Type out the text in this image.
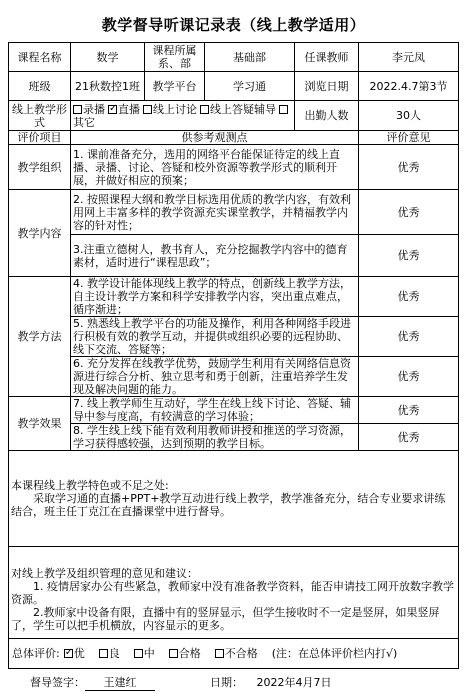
教学督导听课记录表（线上教学适用）
课程名称	数学	课程所属系、部	基础部	任课教师	李元凤
班级	21秋数控1班	教学平台	学习通	浏览日期	2022.4.7第3节
线上教学形式	录播 ✓ 直播 线上讨论 线上答疑辅导其它			出勤人数	30人
评价项目	供参考观测点				评价意见
教学组织	1. 课前准备充分，选用的网络平台能保证待定的线上直播、录播、讨论、答疑和校外资源等教学形式的顺利开展，并做好相应的预案；				优秀
教学内容	2. 按照课程大纲和教学目标选用优质的教学内容，有效利用网上丰富多样的教学资源充实课堂教学，并精福教学内容的针对性；				优秀
	3.注重立德树人，教书育人，充分挖掘教学内容中的德育素材，适时进行“课程思政”；				优秀
教学方法	4. 教学设计能体现线上教学的特点，创新线上教学方法，自主设计教学方案和科学安排教学内容，突出重点难点，循序渐进；				优秀
	5. 熟悉线上教学平台的功能及操作，利用各种网络手段进行积极有效的教学互动，并提供或组织必要的远程协助、线下交流、答疑等；				优秀
	6. 充分发挥在线教学优势，鼓励学生利用有关网络信息资源进行综合分析、独立思考和勇于创新，注重培养学生发现及解决问题的能力。				优秀
教学效果	7. 线上教学师生互动好，学生在线上线下讨论、答疑、辅导中参与度高，有较满意的学习体验；				优秀
	8. 学生线上线下能有效利用教师讲授和推送的学习资源，学习获得感较强，达到预期的教学目标。				优秀

本课程线上教学特色或不足之处:
采取学习通的直播+PPT+教学互动进行线上教学，教学准备充分，结合专业要求讲练结合，班主任丁克江在直播课堂中进行督导。					

对线上教学及组织管理的意见和建议：
1. 疫情居家办公有些紧急，教师家中没有准备教学资料，能否申请技工网开放数字教学资源。
2.教师家中设备有限，直播中有的竖屏显示，但学生接收时不一定是竖屏，如果竖屏了，学生可以把手机横放，内容显示的更多。					

总体评价: ✓ 优 良 中 合格 不合格 (注：在总体评价栏内打√)
督导签字： 王建红	日期： 2022年4月7日
